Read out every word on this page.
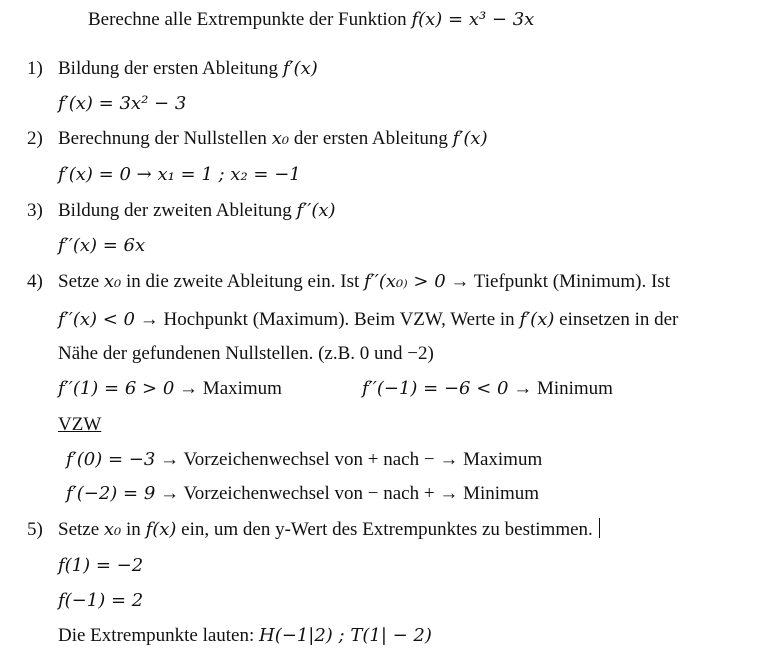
Berechne alle Extrempunkte der Funktion f(x) = x³ − 3x
1) Bildung der ersten Ableitung f′(x)
f′(x) = 3x² − 3
2) Berechnung der Nullstellen x₀ der ersten Ableitung f′(x)
f′(x) = 0 → x₁ = 1 ; x₂ = −1
3) Bildung der zweiten Ableitung f′′(x)
f′′(x) = 6x
4) Setze x₀ in die zweite Ableitung ein. Ist f′′(x₀₎ > 0 → Tiefpunkt (Minimum). Ist
f′′(x) < 0 → Hochpunkt (Maximum). Beim VZW, Werte in f′(x) einsetzen in der
Nähe der gefundenen Nullstellen. (z.B. 0 und −2)
f′′(1) = 6 > 0 → Maximum	f′′(−1) = −6 < 0 → Minimum
VZW
f′(0) = −3 → Vorzeichenwechsel von + nach − → Maximum
f′(−2) = 9 → Vorzeichenwechsel von − nach + → Minimum
5) Setze x₀ in f(x) ein, um den y-Wert des Extrempunktes zu bestimmen.
f(1) = −2
f(−1) = 2
Die Extrempunkte lauten: H(−1|2) ; T(1| − 2)
